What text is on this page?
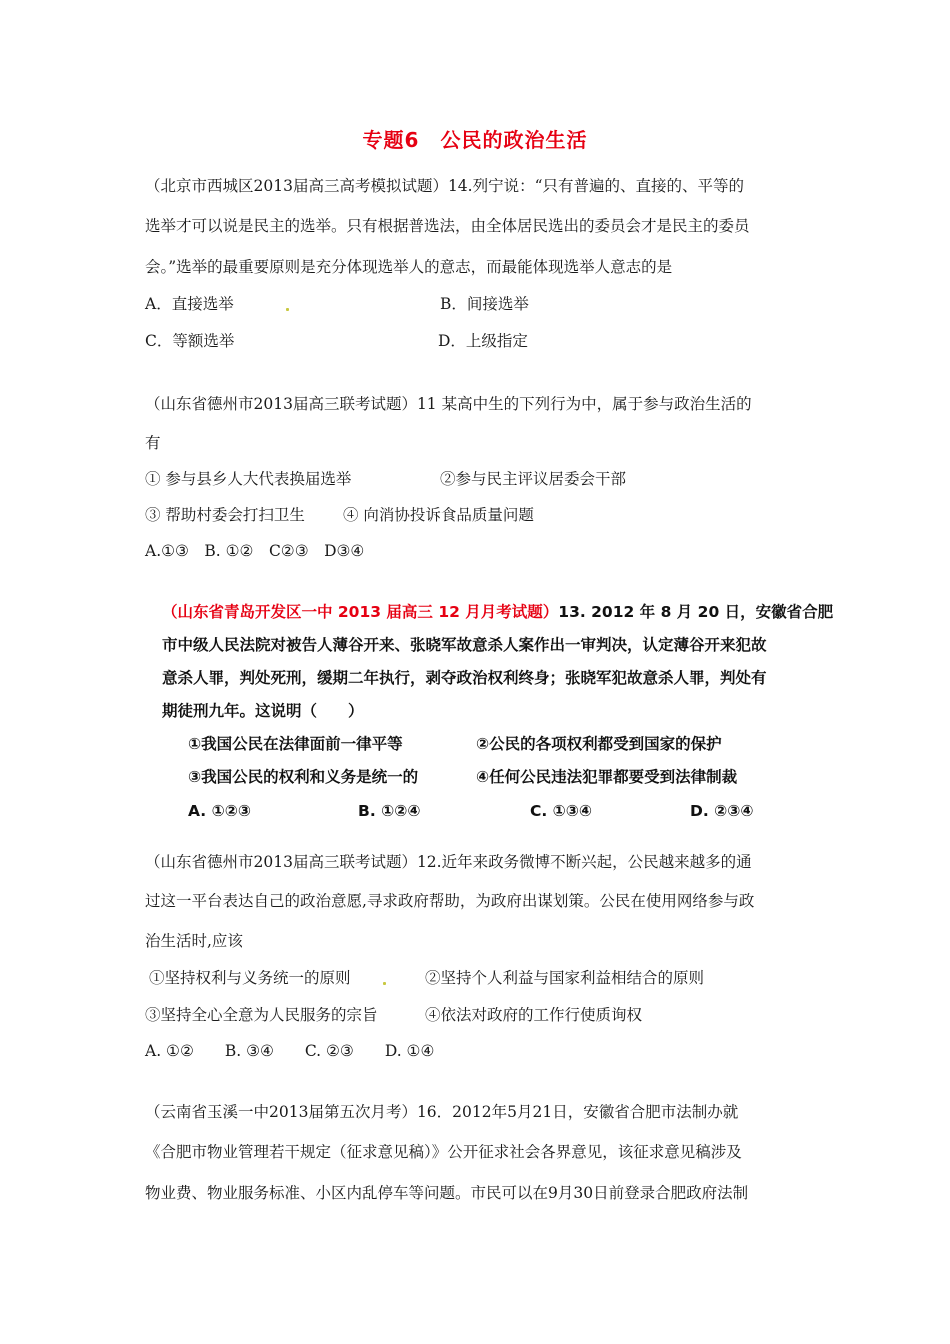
专题6　公民的政治生活
（北京市西城区2013届高三高考模拟试题）14.列宁说：“只有普遍的、直接的、平等的
选举才可以说是民主的选举。只有根据普选法，由全体居民选出的委员会才是民主的委员
会。”选举的最重要原则是充分体现选举人的意志，而最能体现选举人意志的是
A．直接选举	B．间接选举
C．等额选举	D．上级指定
（山东省德州市2013届高三联考试题）11 某高中生的下列行为中，属于参与政治生活的
有
① 参与县乡人大代表换届选举	②参与民主评议居委会干部
③ 帮助村委会打扫卫生 ④ 向消协投诉食品质量问题
A.①③　B. ①②　C②③　D③④
（山东省青岛开发区一中 2013 届高三 12 月月考试题）13. 2012 年 8 月 20 日，安徽省合肥
市中级人民法院对被告人薄谷开来、张晓军故意杀人案作出一审判决，认定薄谷开来犯故
意杀人罪，判处死刑，缓期二年执行，剥夺政治权利终身；张晓军犯故意杀人罪，判处有
期徒刑九年。这说明（　　）
①我国公民在法律面前一律平等	②公民的各项权利都受到国家的保护
③我国公民的权利和义务是统一的	④任何公民违法犯罪都要受到法律制裁
A. ①②③	B. ①②④	C. ①③④	D. ②③④
（山东省德州市2013届高三联考试题）12.近年来政务微博不断兴起，公民越来越多的通
过这一平台表达自己的政治意愿,寻求政府帮助，为政府出谋划策。公民在使用网络参与政
治生活时,应该
①坚持权利与义务统一的原则	②坚持个人利益与国家利益相结合的原则
③坚持全心全意为人民服务的宗旨	④依法对政府的工作行使质询权
A. ①②　　B. ③④　　C. ②③　　D. ①④
（云南省玉溪一中2013届第五次月考）16．2012年5月21日，安徽省合肥市法制办就
《合肥市物业管理若干规定（征求意见稿）》公开征求社会各界意见，该征求意见稿涉及
物业费、物业服务标准、小区内乱停车等问题。市民可以在9月30日前登录合肥政府法制
